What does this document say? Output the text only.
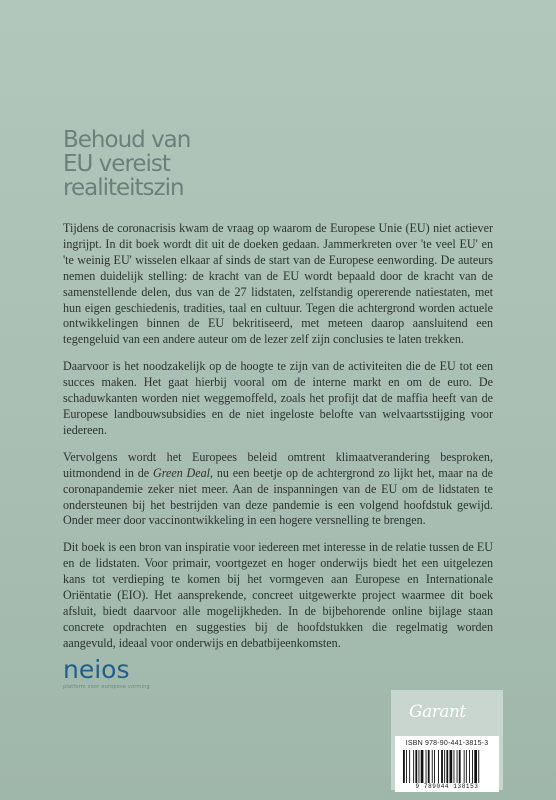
Behoud van
EU vereist
realiteitszin

Tijdens de coronacrisis kwam de vraag op waarom de Europese Unie (EU) niet actiever ingrijpt. In dit boek wordt dit uit de doeken gedaan. Jammerkreten over 'te veel EU' en 'te weinig EU' wisselen elkaar af sinds de start van de Europese eenwording. De auteurs nemen duidelijk stelling: de kracht van de EU wordt bepaald door de kracht van de samenstellende delen, dus van de 27 lidstaten, zelfstandig opererende natiestaten, met hun eigen geschiedenis, tradities, taal en cultuur. Tegen die achtergrond worden actuele ontwikkelingen binnen de EU bekritiseerd, met meteen daarop aansluitend een tegengeluid van een andere auteur om de lezer zelf zijn conclusies te laten trekken.

Daarvoor is het noodzakelijk op de hoogte te zijn van de activiteiten die de EU tot een succes maken. Het gaat hierbij vooral om de interne markt en om de euro. De schaduwkanten worden niet weggemoffeld, zoals het profijt dat de maffia heeft van de Europese landbouwsubsidies en de niet ingeloste belofte van welvaartsstijging voor iedereen.

Vervolgens wordt het Europees beleid omtrent klimaatverandering besproken, uitmondend in de Green Deal, nu een beetje op de achtergrond zo lijkt het, maar na de coronapandemie zeker niet meer. Aan de inspanningen van de EU om de lidstaten te ondersteunen bij het bestrijden van deze pandemie is een volgend hoofdstuk gewijd. Onder meer door vaccinontwikkeling in een hogere versnelling te brengen.

Dit boek is een bron van inspiratie voor iedereen met interesse in de relatie tussen de EU en de lidstaten. Voor primair, voortgezet en hoger onderwijs biedt het een uitgelezen kans tot verdieping te komen bij het vormgeven aan Europese en Internationale Oriëntatie (EIO). Het aansprekende, concreet uitgewerkte project waarmee dit boek afsluit, biedt daarvoor alle mogelijkheden. In de bijbehorende online bijlage staan concrete opdrachten en suggesties bij de hoofdstukken die regelmatig worden aangevuld, ideaal voor onderwijs en debatbijeenkomsten.

neios
platform voor europese vorming
Garant
ISBN 978-90-441-3815-3
9 789044 138153
